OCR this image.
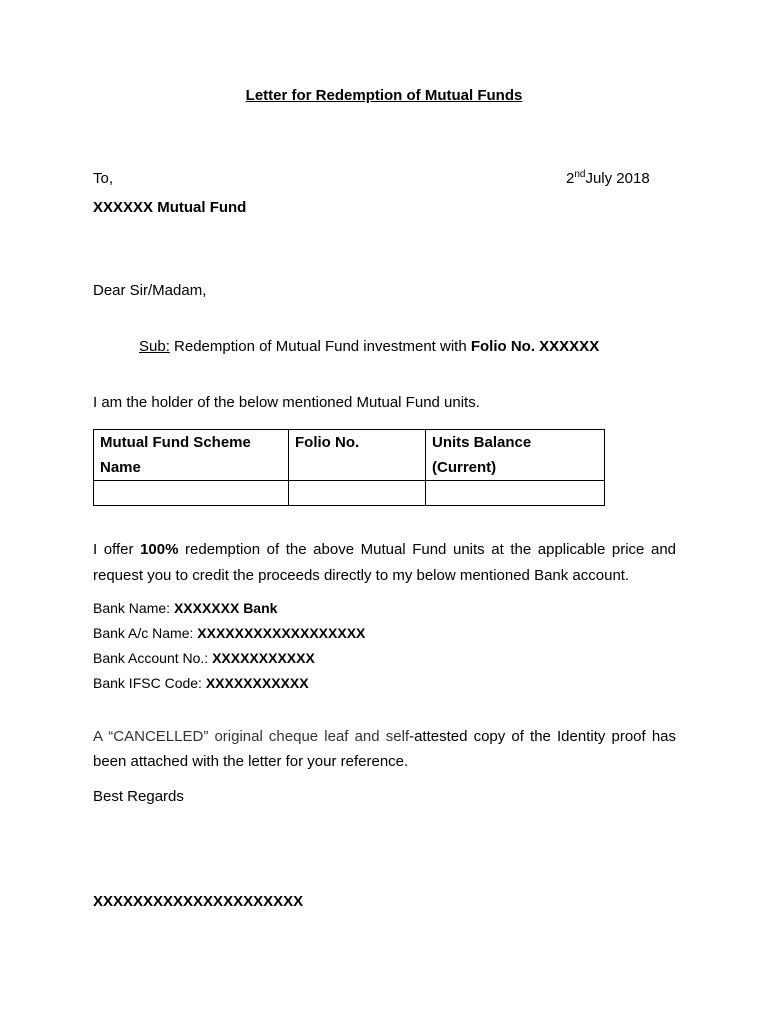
Letter for Redemption of Mutual Funds
To,	2ndJuly 2018
XXXXXX Mutual Fund
Dear Sir/Madam,
Sub: Redemption of Mutual Fund investment with Folio No. XXXXXX
I am the holder of the below mentioned Mutual Fund units.
Mutual Fund Scheme Name	Folio No.	Units Balance (Current)

I offer 100% redemption of the above Mutual Fund units at the applicable price and request you to credit the proceeds directly to my below mentioned Bank account.
Bank Name: XXXXXXX Bank
Bank A/c Name: XXXXXXXXXXXXXXXXXX
Bank Account No.: XXXXXXXXXXX
Bank IFSC Code: XXXXXXXXXXX
A “CANCELLED” original cheque leaf and self-attested copy of the Identity proof has been attached with the letter for your reference.
Best Regards
XXXXXXXXXXXXXXXXXXXXX
